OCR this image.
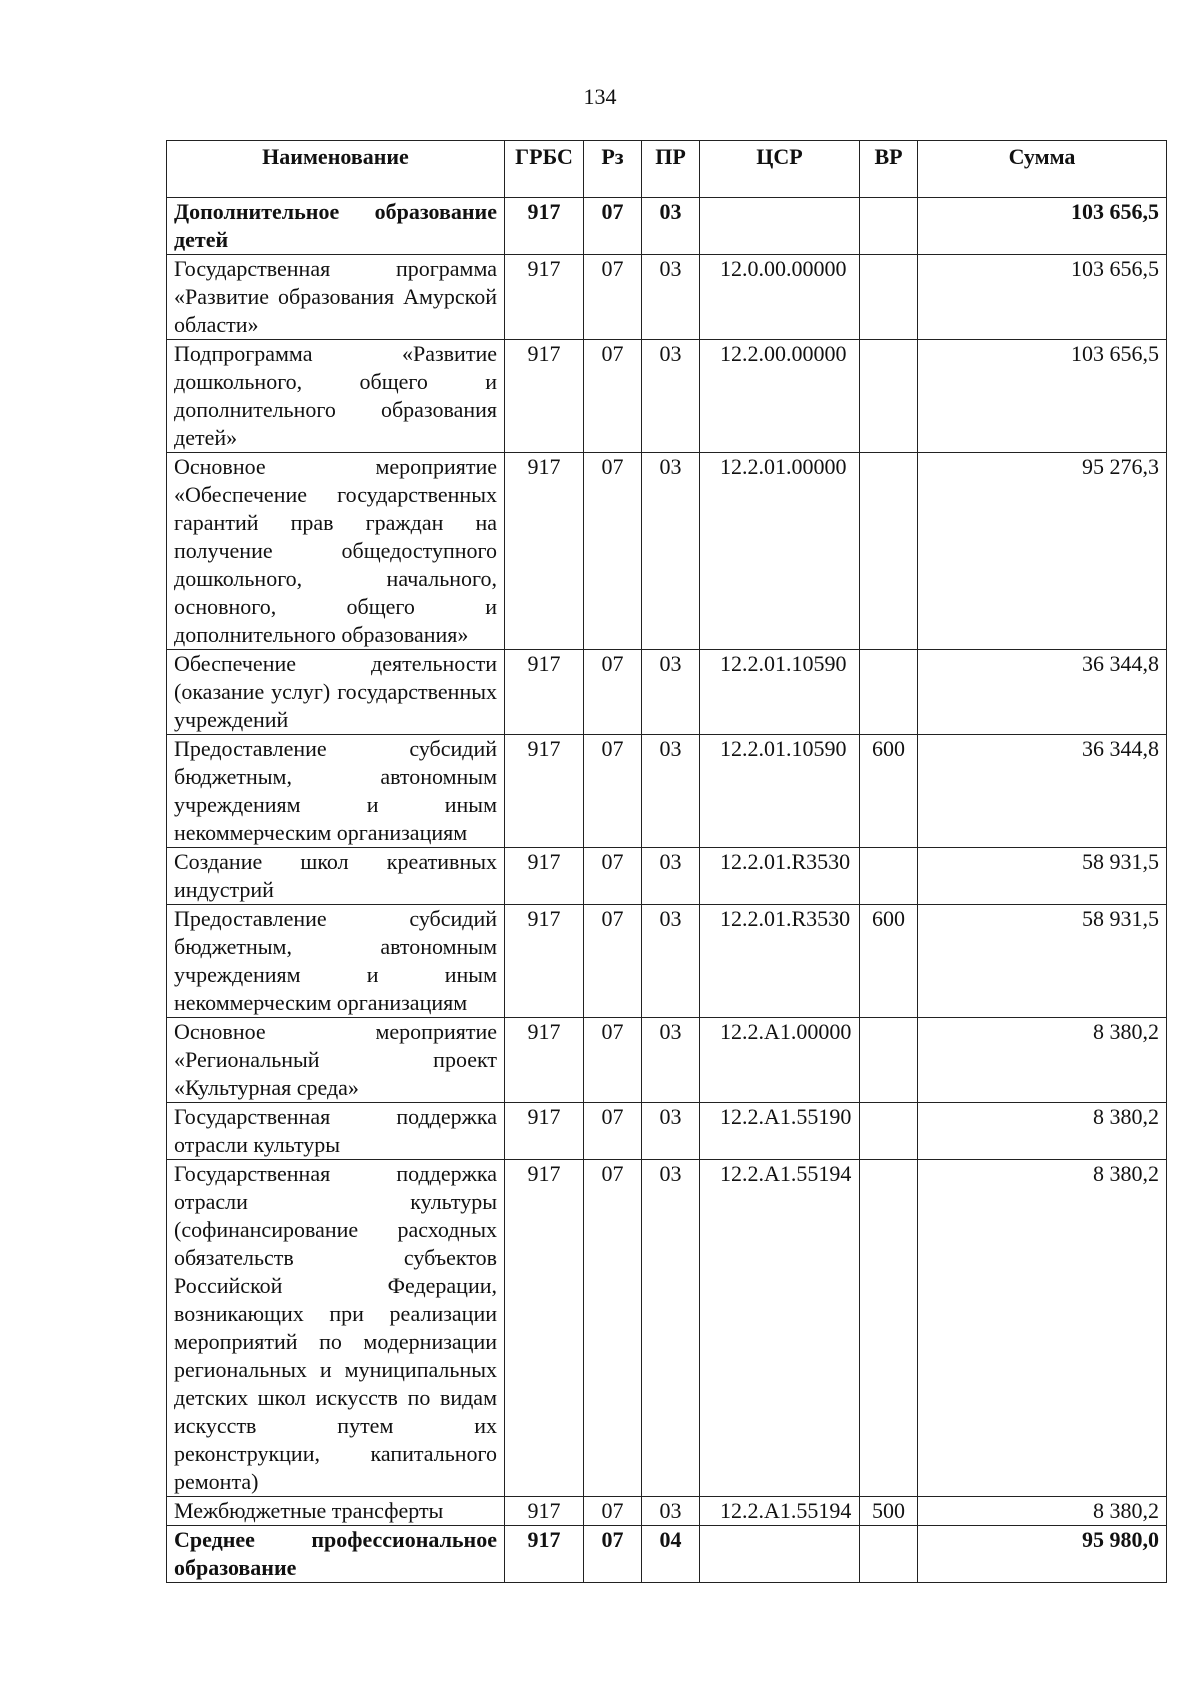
134
Наименование	ГРБС	Рз	ПР	ЦСР	ВР	Сумма
Дополнительное образование детей	917	07	03			103 656,5
Государственная программа «Развитие образования Амурской области»	917	07	03	12.0.00.00000		103 656,5
Подпрограмма «Развитие дошкольного, общего и дополнительного образования детей»	917	07	03	12.2.00.00000		103 656,5
Основное мероприятие «Обеспечение государственных гарантий прав граждан на получение общедоступного дошкольного, начального, основного, общего и дополнительного образования»	917	07	03	12.2.01.00000		95 276,3
Обеспечение деятельности (оказание услуг) государственных учреждений	917	07	03	12.2.01.10590		36 344,8
Предоставление субсидий бюджетным, автономным учреждениям и иным некоммерческим организациям	917	07	03	12.2.01.10590	600	36 344,8
Создание школ креативных индустрий	917	07	03	12.2.01.R3530		58 931,5
Предоставление субсидий бюджетным, автономным учреждениям и иным некоммерческим организациям	917	07	03	12.2.01.R3530	600	58 931,5
Основное мероприятие «Региональный проект «Культурная среда»	917	07	03	12.2.A1.00000		8 380,2
Государственная поддержка отрасли культуры	917	07	03	12.2.A1.55190		8 380,2
Государственная поддержка отрасли культуры (софинансирование расходных обязательств субъектов Российской Федерации, возникающих при реализации мероприятий по модернизации региональных и муниципальных детских школ искусств по видам искусств путем их реконструкции, капитального ремонта)	917	07	03	12.2.A1.55194		8 380,2
Межбюджетные трансферты	917	07	03	12.2.A1.55194	500	8 380,2
Среднее профессиональное образование	917	07	04			95 980,0
